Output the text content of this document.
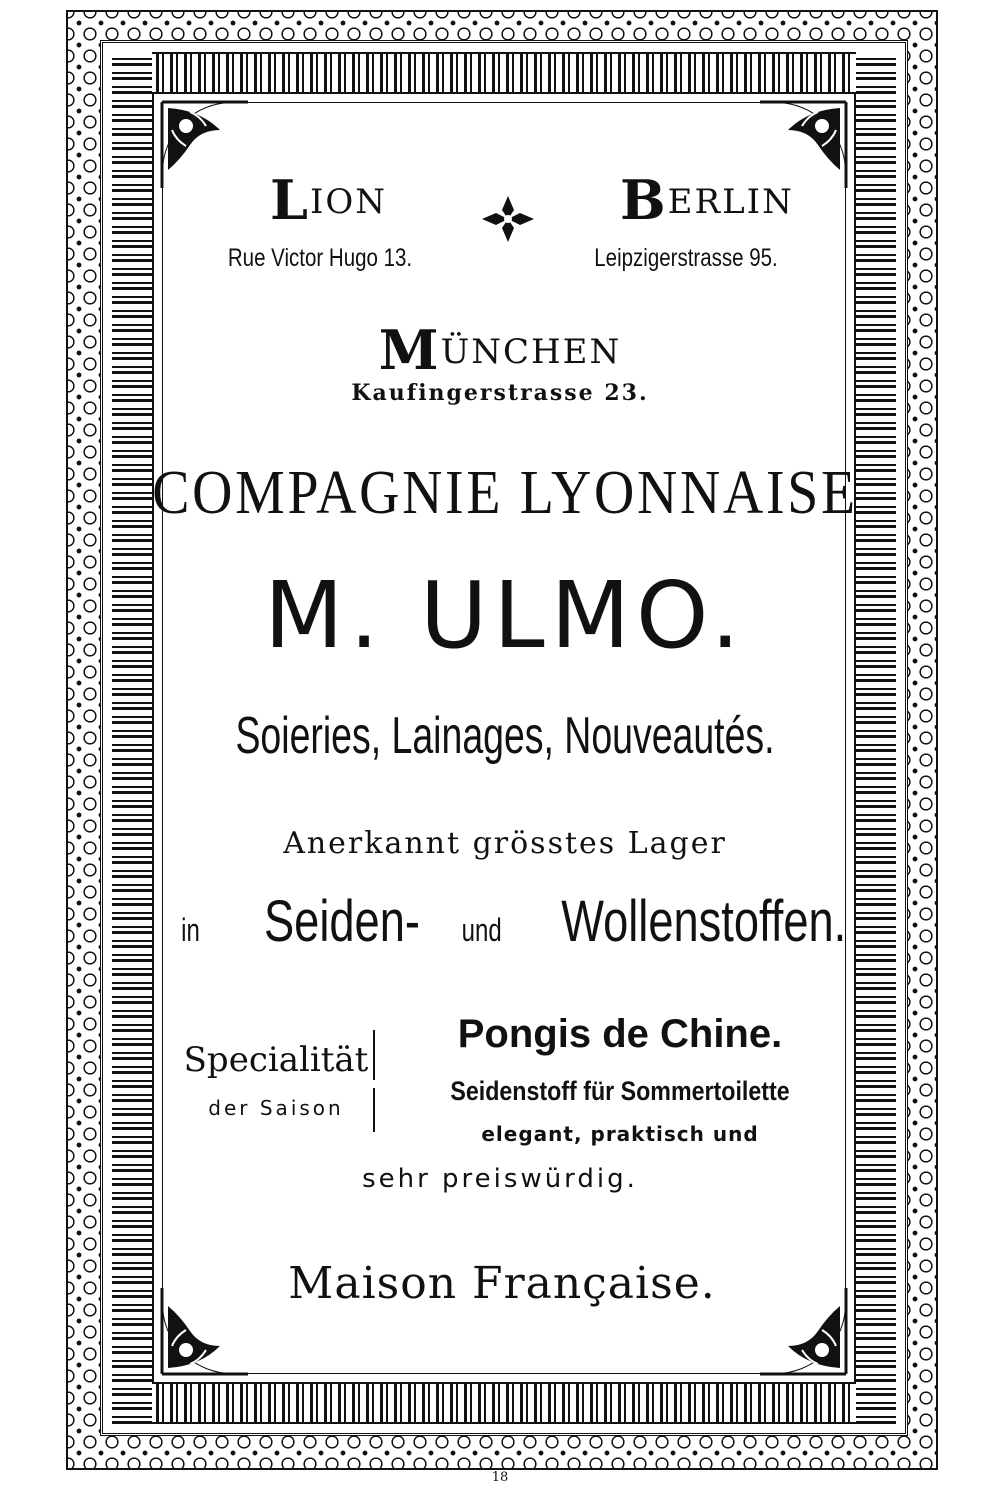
LION
Rue Victor Hugo 13.
BERLIN
Leipzigerstrasse 95.
MÜNCHEN
Kaufingerstrasse 23.
COMPAGNIE LYONNAISE
M. ULMO.
Soieries, Lainages, Nouveautés.
Anerkannt grösstes Lager
in Seiden- und Wollenstoffen.
Specialität
der Saison
Pongis de Chine.
Seidenstoff für Sommertoilette
elegant, praktisch und
sehr preiswürdig.
Maison Française.
18
